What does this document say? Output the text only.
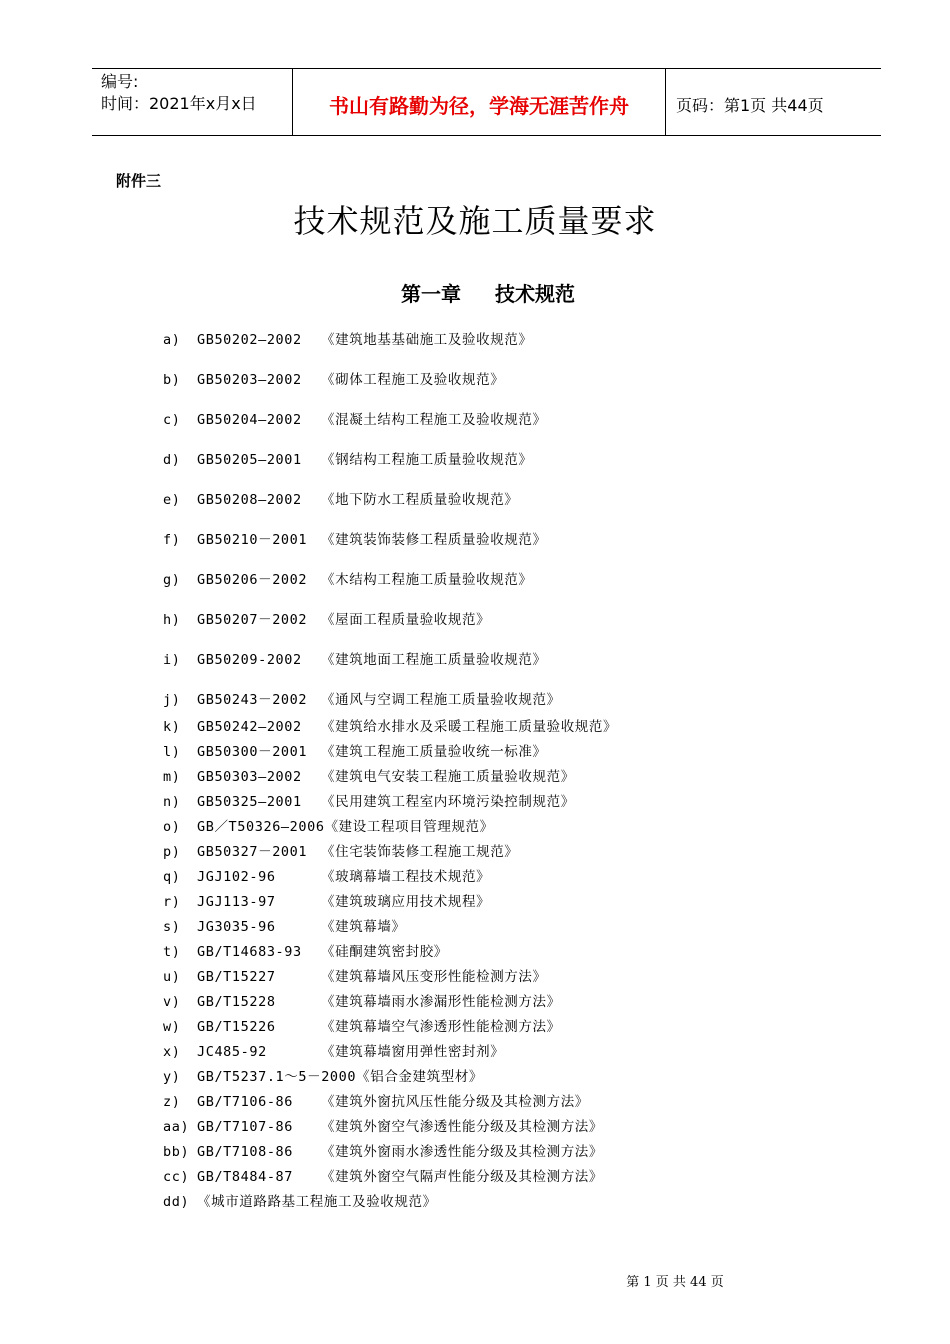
编号:
时间：2021年x月x日	书山有路勤为径，学海无涯苦作舟	页码：第1页 共44页
附件三
技术规范及施工质量要求
第一章 技术规范
a) GB50202—2002 《建筑地基基础施工及验收规范》
b) GB50203—2002 《砌体工程施工及验收规范》
c) GB50204—2002 《混凝土结构工程施工及验收规范》
d) GB50205—2001 《钢结构工程施工质量验收规范》
e) GB50208—2002 《地下防水工程质量验收规范》
f) GB50210－2001 《建筑装饰装修工程质量验收规范》
g) GB50206－2002 《木结构工程施工质量验收规范》
h) GB50207－2002 《屋面工程质量验收规范》
i) GB50209-2002 《建筑地面工程施工质量验收规范》
j) GB50243－2002 《通风与空调工程施工质量验收规范》
k) GB50242—2002 《建筑给水排水及采暖工程施工质量验收规范》
l) GB50300－2001 《建筑工程施工质量验收统一标准》
m) GB50303—2002 《建筑电气安装工程施工质量验收规范》
n) GB50325—2001 《民用建筑工程室内环境污染控制规范》
o) GB／T50326—2006《建设工程项目管理规范》
p) GB50327－2001 《住宅装饰装修工程施工规范》
q) JGJ102-96	《玻璃幕墙工程技术规范》
r) JGJ113-97	《建筑玻璃应用技术规程》
s) JG3035-96	《建筑幕墙》
t) GB/T14683-93 《硅酮建筑密封胶》
u) GB/T15227	《建筑幕墙风压变形性能检测方法》
v) GB/T15228	《建筑幕墙雨水渗漏形性能检测方法》
w) GB/T15226	《建筑幕墙空气渗透形性能检测方法》
x) JC485-92	《建筑幕墙窗用弹性密封剂》
y) GB/T5237.1～5－2000《铝合金建筑型材》
z) GB/T7106-86 《建筑外窗抗风压性能分级及其检测方法》
aa) GB/T7107-86 《建筑外窗空气渗透性能分级及其检测方法》
bb) GB/T7108-86 《建筑外窗雨水渗透性能分级及其检测方法》
cc) GB/T8484-87 《建筑外窗空气隔声性能分级及其检测方法》
dd) 《城市道路路基工程施工及验收规范》
第 1 页 共 44 页
